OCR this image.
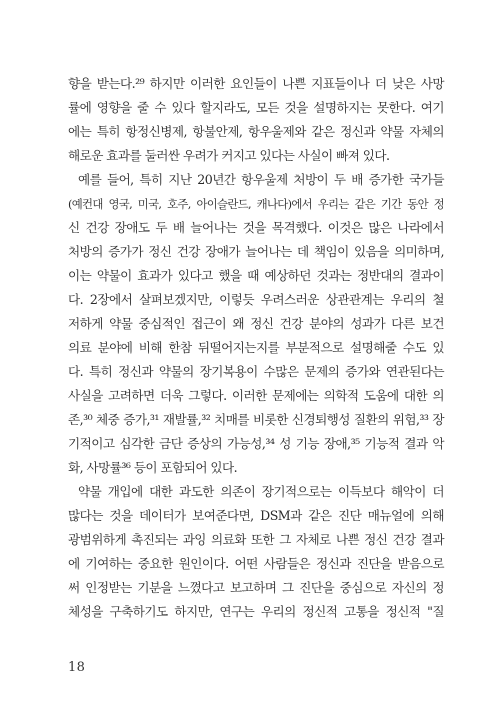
향을 받는다.²⁹ 하지만 이러한 요인들이 나쁜 지표들이나 더 낮은 사망
률에 영향을 줄 수 있다 할지라도, 모든 것을 설명하지는 못한다. 여기
에는 특히 항정신병제, 항불안제, 항우울제와 같은 정신과 약물 자체의
해로운 효과를 둘러싼 우려가 커지고 있다는 사실이 빠져 있다.
예를 들어, 특히 지난 20년간 항우울제 처방이 두 배 증가한 국가들
(예컨대 영국, 미국, 호주, 아이슬란드, 캐나다)에서 우리는 같은 기간 동안 정
신 건강 장애도 두 배 늘어나는 것을 목격했다. 이것은 많은 나라에서
처방의 증가가 정신 건강 장애가 늘어나는 데 책임이 있음을 의미하며,
이는 약물이 효과가 있다고 했을 때 예상하던 것과는 정반대의 결과이
다. 2장에서 살펴보겠지만, 이렇듯 우려스러운 상관관계는 우리의 철
저하게 약물 중심적인 접근이 왜 정신 건강 분야의 성과가 다른 보건
의료 분야에 비해 한참 뒤떨어지는지를 부분적으로 설명해줄 수도 있
다. 특히 정신과 약물의 장기복용이 수많은 문제의 증가와 연관된다는
사실을 고려하면 더욱 그렇다. 이러한 문제에는 의학적 도움에 대한 의
존,³⁰ 체중 증가,³¹ 재발률,³² 치매를 비롯한 신경퇴행성 질환의 위험,³³ 장
기적이고 심각한 금단 증상의 가능성,³⁴ 성 기능 장애,³⁵ 기능적 결과 악
화, 사망률³⁶ 등이 포함되어 있다.
약물 개입에 대한 과도한 의존이 장기적으로는 이득보다 해악이 더
많다는 것을 데이터가 보여준다면, DSM과 같은 진단 매뉴얼에 의해
광범위하게 촉진되는 과잉 의료화 또한 그 자체로 나쁜 정신 건강 결과
에 기여하는 중요한 원인이다. 어떤 사람들은 정신과 진단을 받음으로
써 인정받는 기분을 느꼈다고 보고하며 그 진단을 중심으로 자신의 정
체성을 구축하기도 하지만, 연구는 우리의 정신적 고통을 정신적 "질
18
